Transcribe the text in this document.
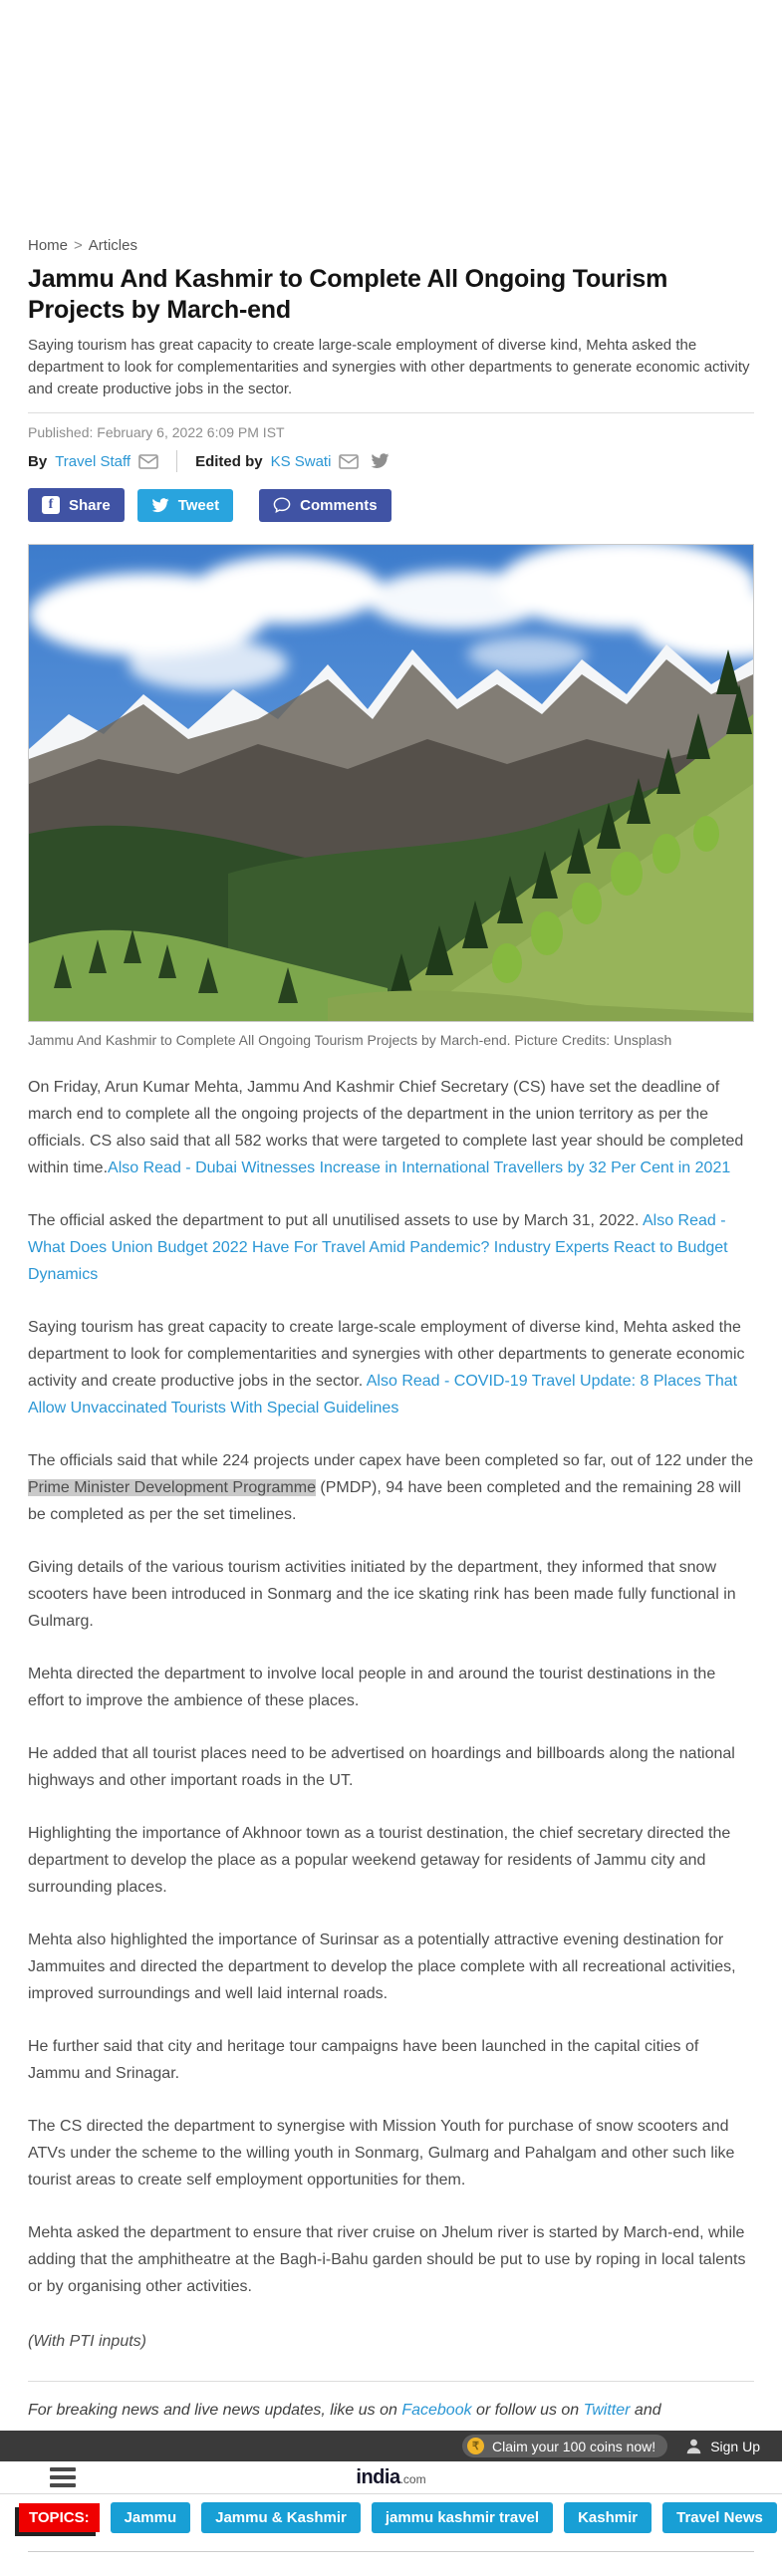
Home > Articles
Jammu And Kashmir to Complete All Ongoing Tourism Projects by March-end

Saying tourism has great capacity to create large-scale employment of diverse kind, Mehta asked the department to look for complementarities and synergies with other departments to generate economic activity and create productive jobs in the sector.

Published: February 6, 2022 6:09 PM IST
By Travel Staff	Edited by KS Swati
f	Share	Tweet	Comments
Jammu And Kashmir to Complete All Ongoing Tourism Projects by March-end. Picture Credits: Unsplash

On Friday, Arun Kumar Mehta, Jammu And Kashmir Chief Secretary (CS) have set the deadline of march end to complete all the ongoing projects of the department in the union territory as per the officials. CS also said that all 582 works that were targeted to complete last year should be completed within time.Also Read - Dubai Witnesses Increase in International Travellers by 32 Per Cent in 2021

The official asked the department to put all unutilised assets to use by March 31, 2022. Also Read - What Does Union Budget 2022 Have For Travel Amid Pandemic? Industry Experts React to Budget Dynamics

Saying tourism has great capacity to create large-scale employment of diverse kind, Mehta asked the department to look for complementarities and synergies with other departments to generate economic activity and create productive jobs in the sector. Also Read - COVID-19 Travel Update: 8 Places That Allow Unvaccinated Tourists With Special Guidelines

The officials said that while 224 projects under capex have been completed so far, out of 122 under the Prime Minister Development Programme (PMDP), 94 have been completed and the remaining 28 will be completed as per the set timelines.

Giving details of the various tourism activities initiated by the department, they informed that snow scooters have been introduced in Sonmarg and the ice skating rink has been made fully functional in Gulmarg.

Mehta directed the department to involve local people in and around the tourist destinations in the effort to improve the ambience of these places.

He added that all tourist places need to be advertised on hoardings and billboards along the national highways and other important roads in the UT.

Highlighting the importance of Akhnoor town as a tourist destination, the chief secretary directed the department to develop the place as a popular weekend getaway for residents of Jammu city and surrounding places.

Mehta also highlighted the importance of Surinsar as a potentially attractive evening destination for Jammuites and directed the department to develop the place complete with all recreational activities, improved surroundings and well laid internal roads.

He further said that city and heritage tour campaigns have been launched in the capital cities of Jammu and Srinagar.

The CS directed the department to synergise with Mission Youth for purchase of snow scooters and ATVs under the scheme to the willing youth in Sonmarg, Gulmarg and Pahalgam and other such like tourist areas to create self employment opportunities for them.

Mehta asked the department to ensure that river cruise on Jhelum river is started by March-end, while adding that the amphitheatre at the Bagh-i-Bahu garden should be put to use by roping in local talents or by organising other activities.

(With PTI inputs)

For breaking news and live news updates, like us on Facebook or follow us on Twitter and
₹ Claim your 100 coins now!	Sign Up
india.com
TOPICS:	Jammu	Jammu & Kashmir	jammu kashmir travel	Kashmir	Travel News
